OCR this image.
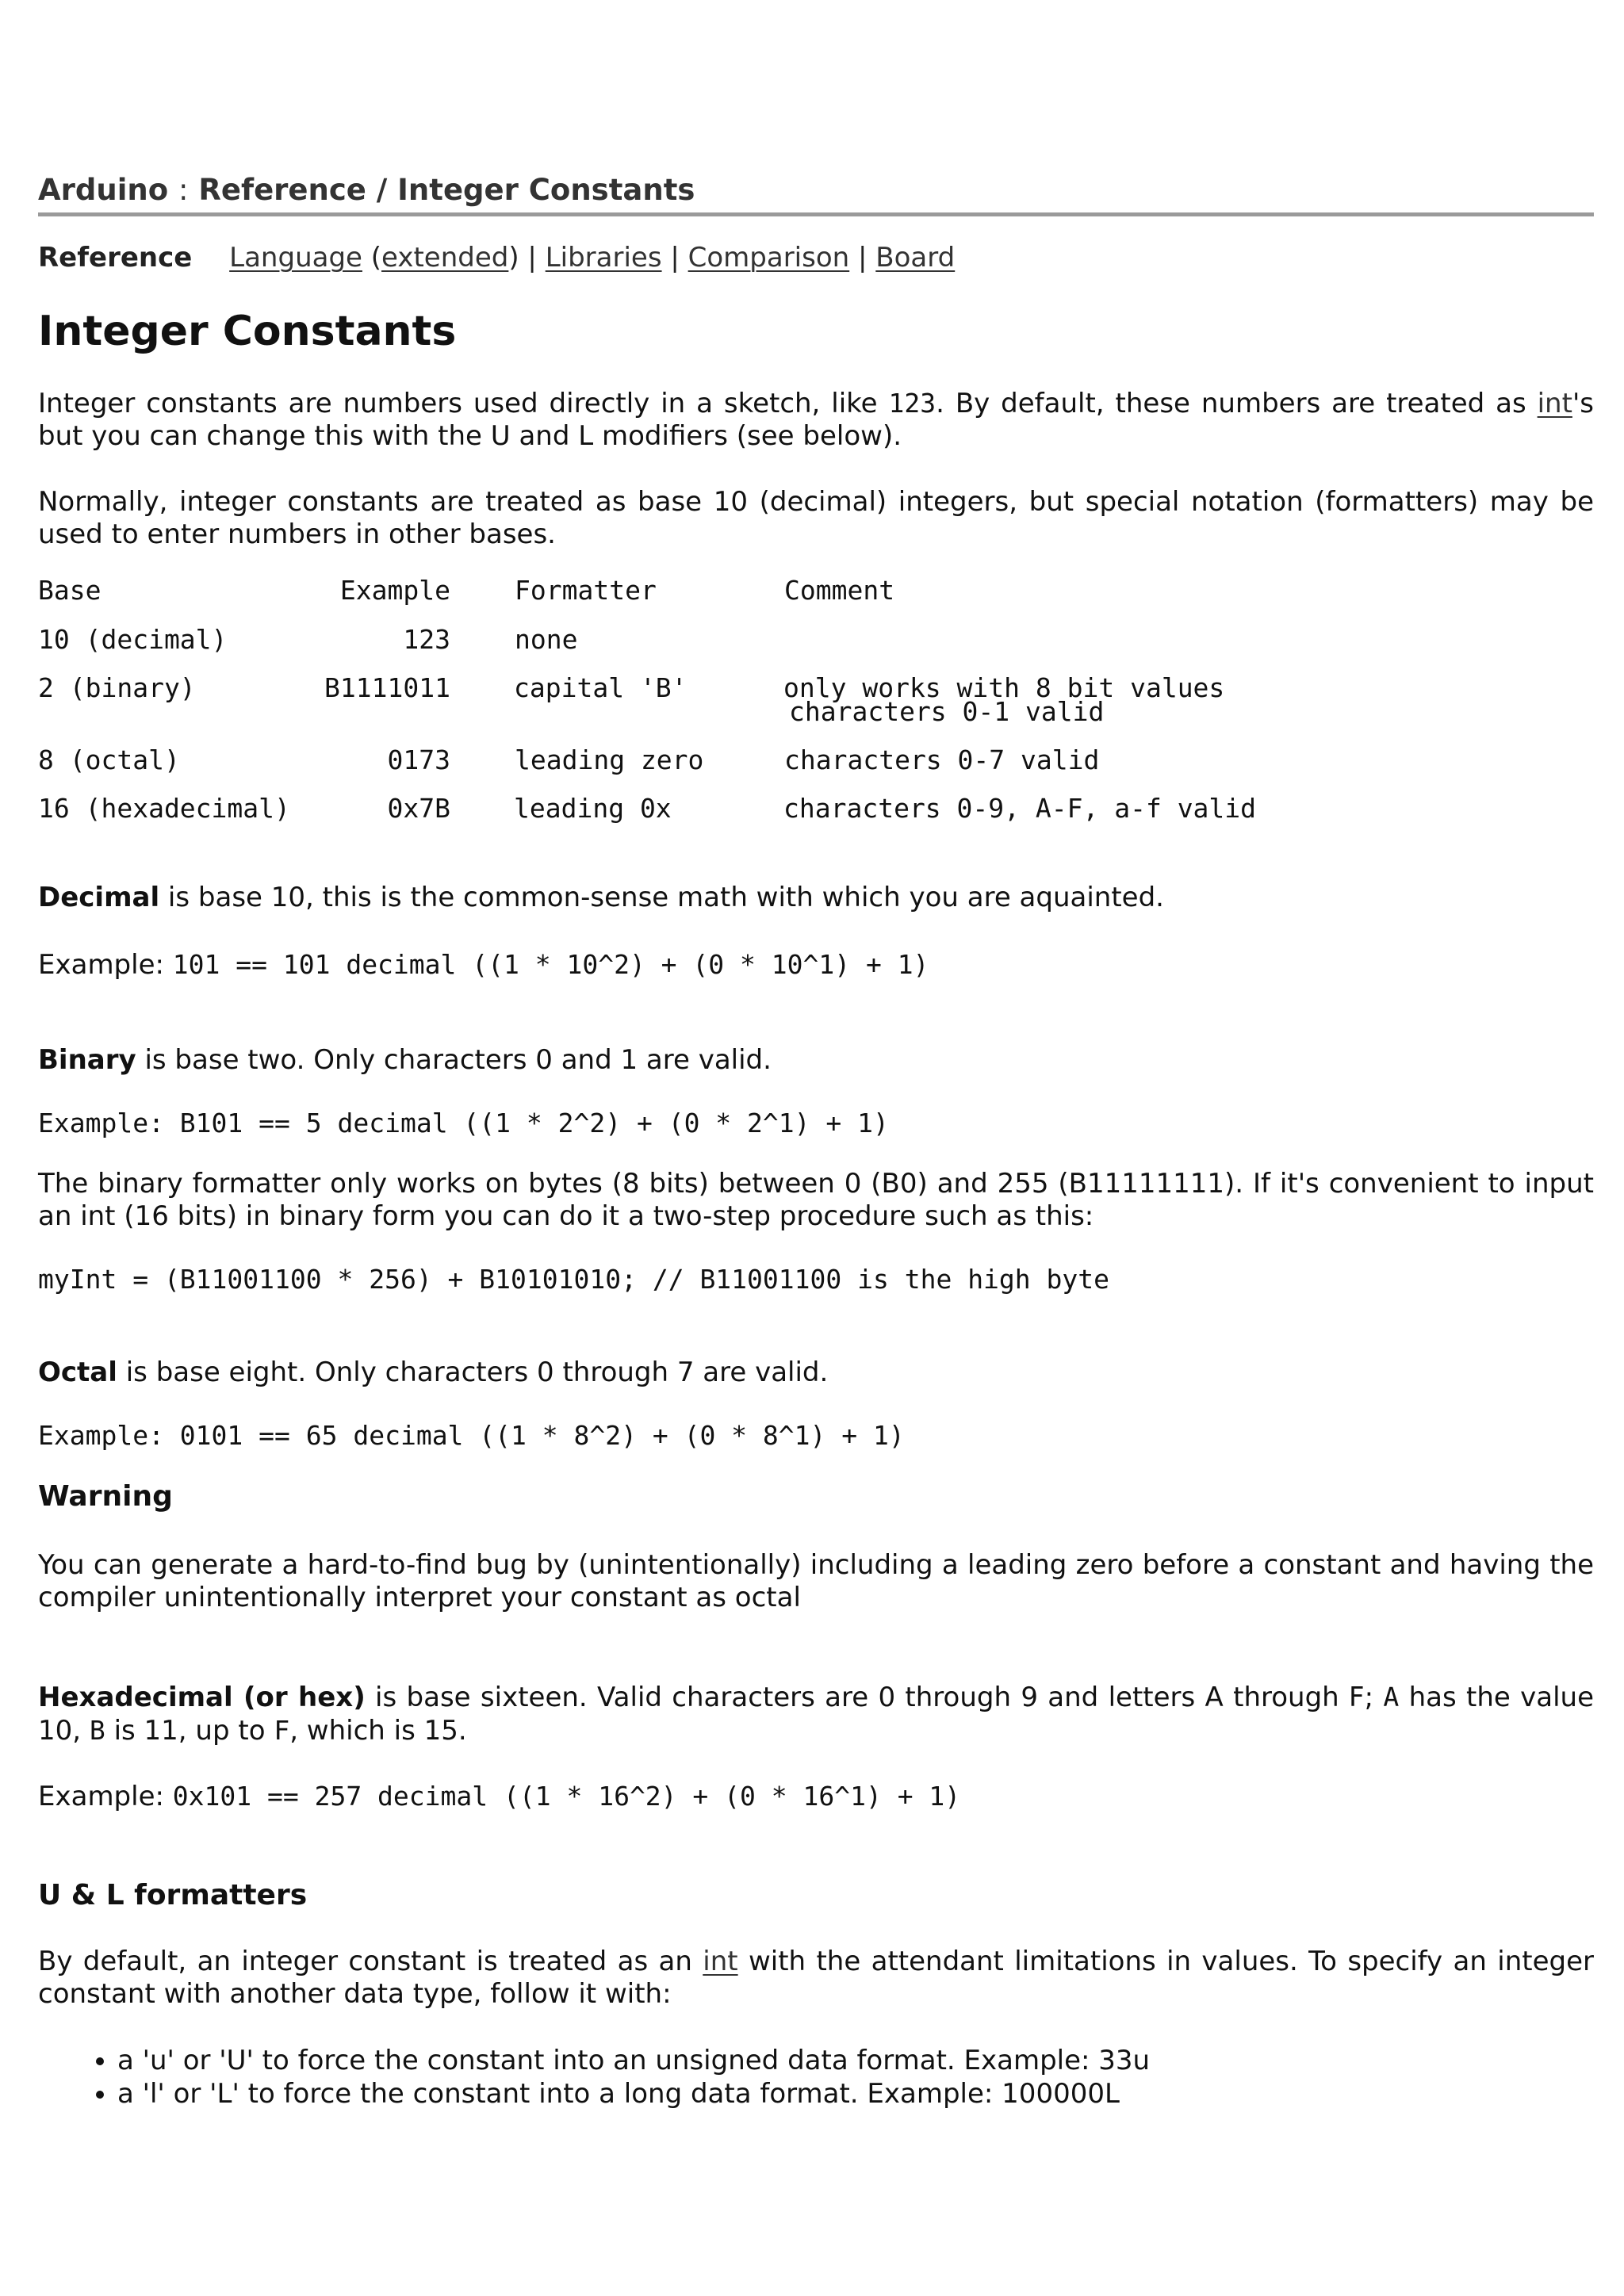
Arduino : Reference / Integer Constants
Reference Language (extended) | Libraries | Comparison | Board
Integer Constants

Integer constants are numbers used directly in a sketch, like 123. By default, these numbers are treated as int's but you can change this with the U and L modifiers (see below).

Normally, integer constants are treated as base 10 (decimal) integers, but special notation (formatters) may be used to enter numbers in other bases.

Base	Example Formatter	Comment
10 (decimal)	123 none
2 (binary)	B1111011 capital 'B'	only works with 8 bit values
characters 0-1 valid
8 (octal)	0173 leading zero	characters 0-7 valid
16 (hexadecimal)	0x7B leading 0x	characters 0-9, A-F, a-f valid

Decimal is base 10, this is the common-sense math with which you are aquainted.

Example: 101 == 101 decimal ((1 * 10^2) + (0 * 10^1) + 1)

Binary is base two. Only characters 0 and 1 are valid.

Example: B101 == 5 decimal ((1 * 2^2) + (0 * 2^1) + 1)

The binary formatter only works on bytes (8 bits) between 0 (B0) and 255 (B11111111). If it's convenient to input an int (16 bits) in binary form you can do it a two-step procedure such as this:

myInt = (B11001100 * 256) + B10101010; // B11001100 is the high byte

Octal is base eight. Only characters 0 through 7 are valid.

Example: 0101 == 65 decimal ((1 * 8^2) + (0 * 8^1) + 1)
Warning

You can generate a hard-to-find bug by (unintentionally) including a leading zero before a constant and having the compiler unintentionally interpret your constant as octal

Hexadecimal (or hex) is base sixteen. Valid characters are 0 through 9 and letters A through F; A has the value 10, B is 11, up to F, which is 15.

Example: 0x101 == 257 decimal ((1 * 16^2) + (0 * 16^1) + 1)

U & L formatters

By default, an integer constant is treated as an int with the attendant limitations in values. To specify an integer constant with another data type, follow it with:

• a 'u' or 'U' to force the constant into an unsigned data format. Example: 33u
• a 'l' or 'L' to force the constant into a long data format. Example: 100000L
